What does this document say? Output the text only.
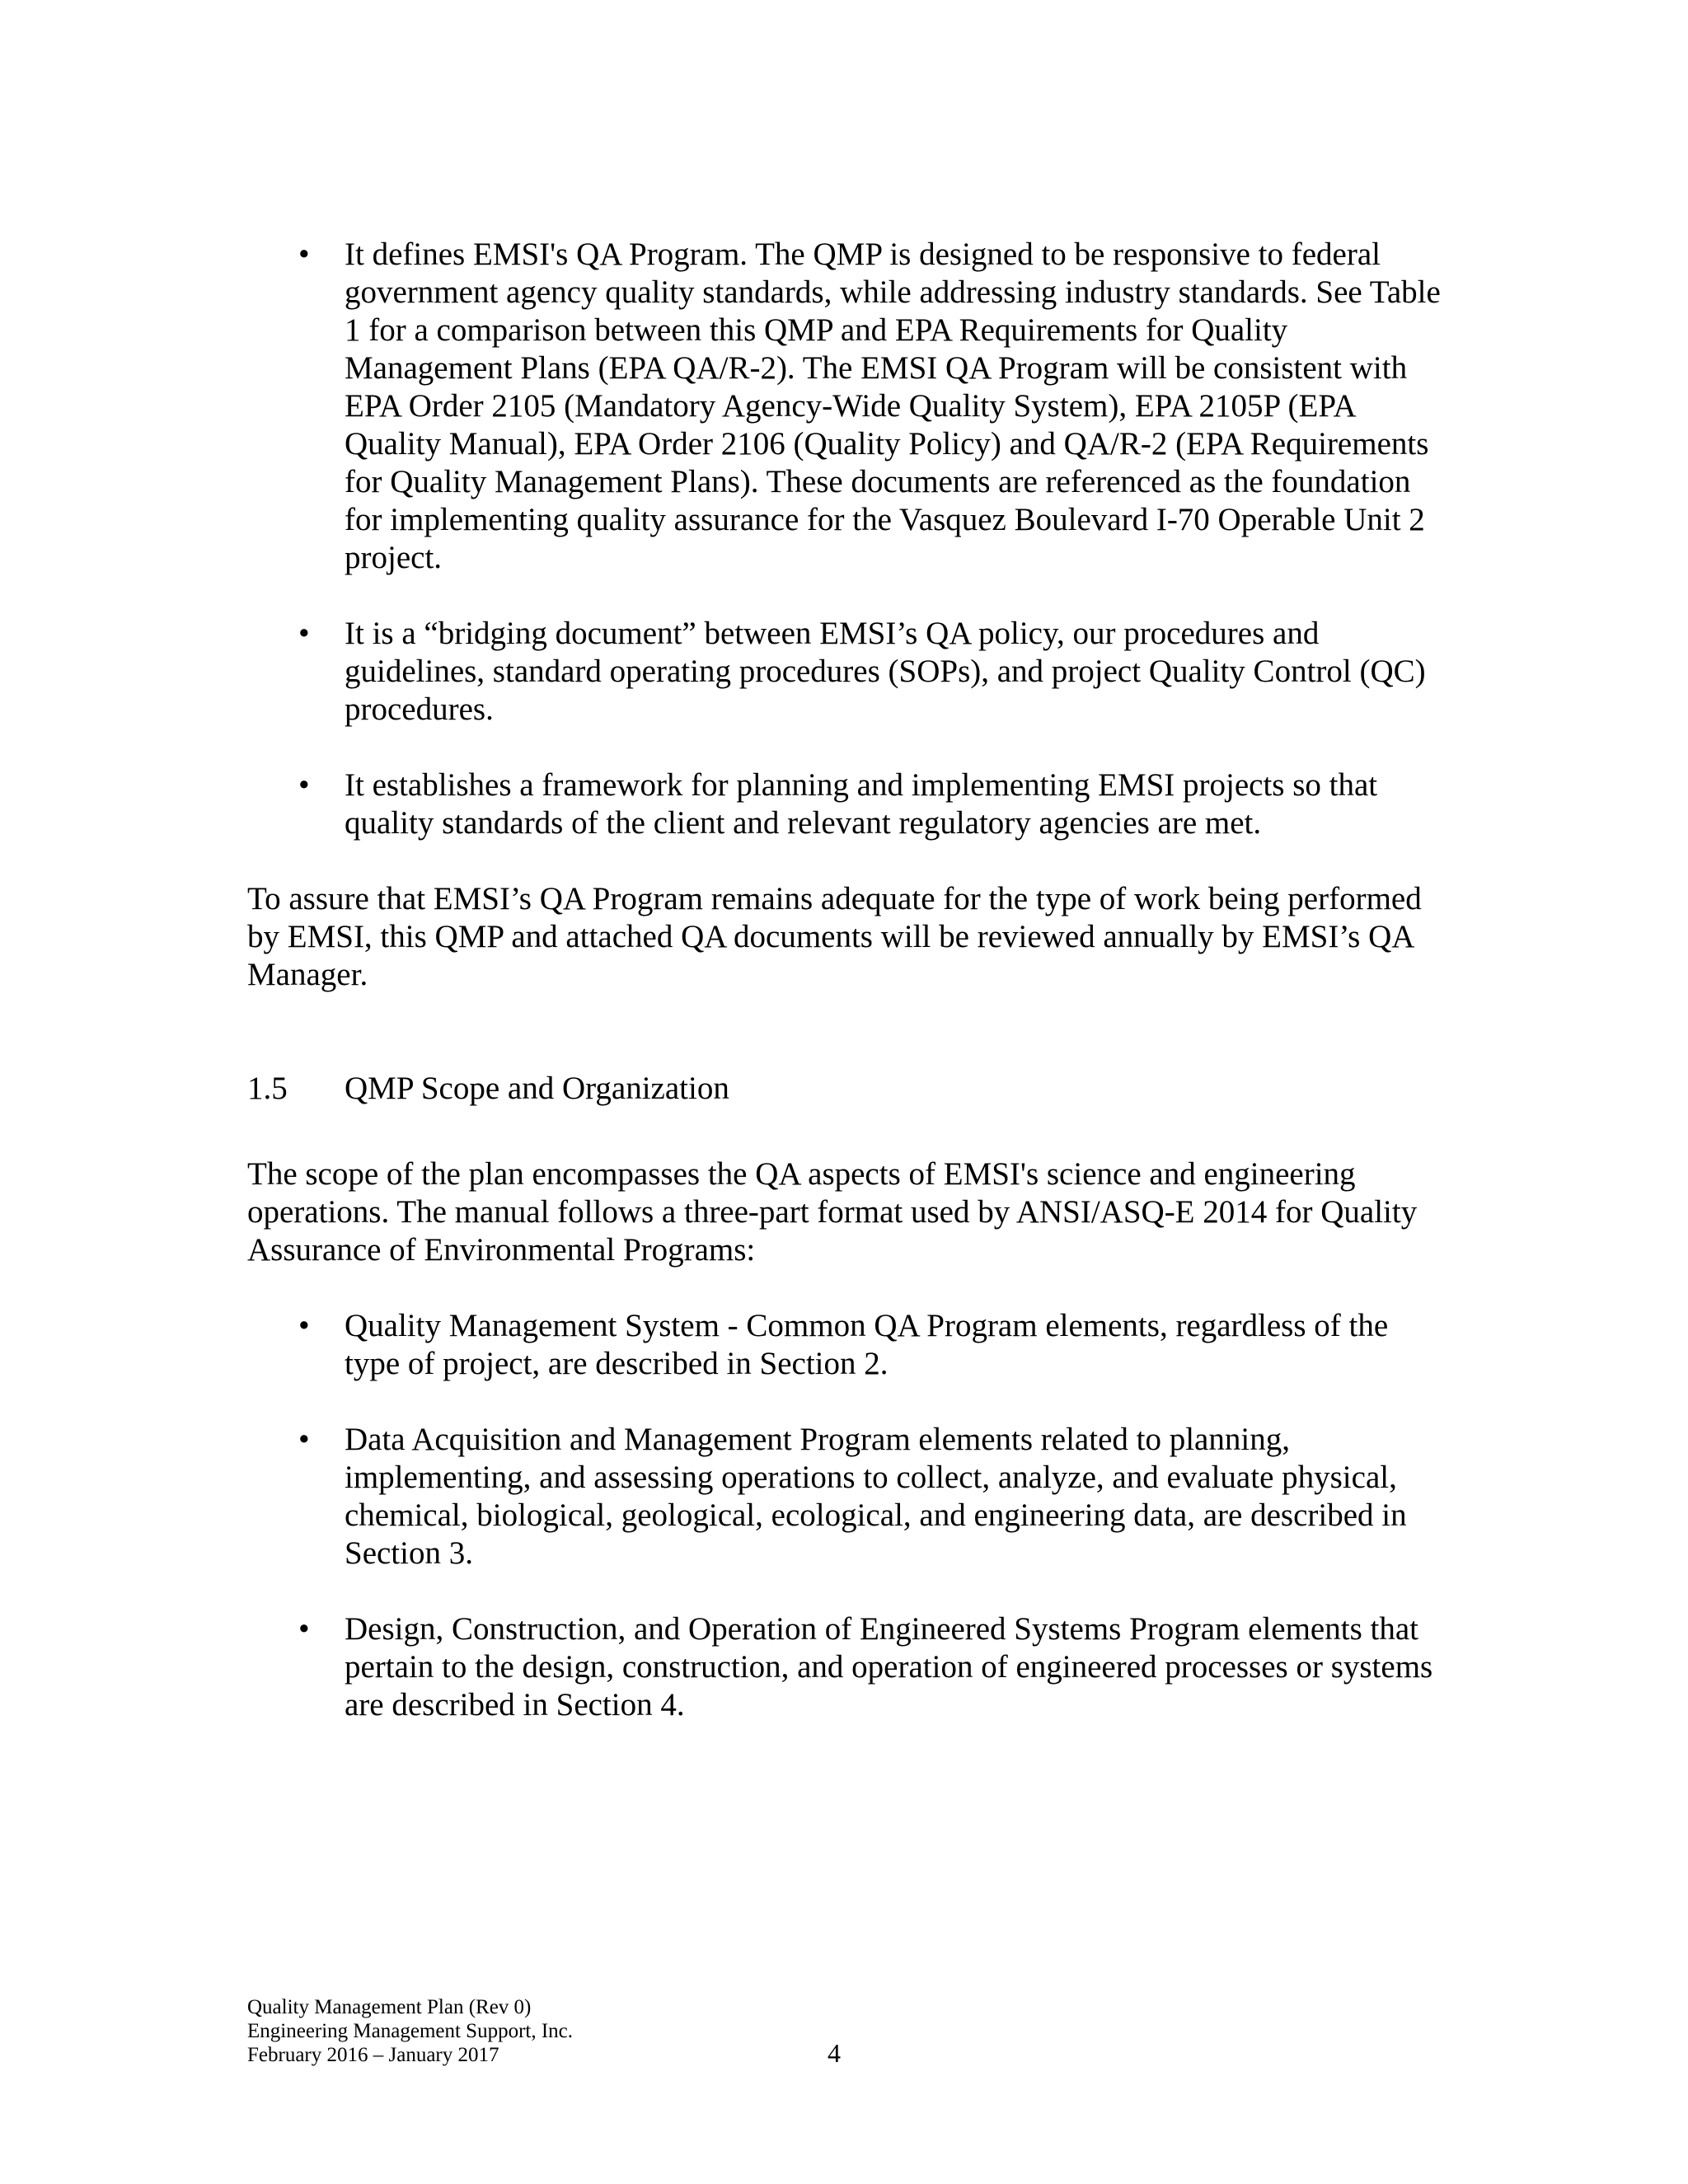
• It defines EMSI's QA Program. The QMP is designed to be responsive to federal government agency quality standards, while addressing industry standards. See Table 1 for a comparison between this QMP and EPA Requirements for Quality Management Plans (EPA QA/R-2). The EMSI QA Program will be consistent with EPA Order 2105 (Mandatory Agency-Wide Quality System), EPA 2105P (EPA Quality Manual), EPA Order 2106 (Quality Policy) and QA/R-2 (EPA Requirements for Quality Management Plans). These documents are referenced as the foundation for implementing quality assurance for the Vasquez Boulevard I-70 Operable Unit 2 project.
• It is a “bridging document” between EMSI’s QA policy, our procedures and guidelines, standard operating procedures (SOPs), and project Quality Control (QC) procedures.
• It establishes a framework for planning and implementing EMSI projects so that quality standards of the client and relevant regulatory agencies are met.

To assure that EMSI’s QA Program remains adequate for the type of work being performed by EMSI, this QMP and attached QA documents will be reviewed annually by EMSI’s QA Manager.

1.5	QMP Scope and Organization

The scope of the plan encompasses the QA aspects of EMSI's science and engineering operations. The manual follows a three-part format used by ANSI/ASQ-E 2014 for Quality Assurance of Environmental Programs:

• Quality Management System - Common QA Program elements, regardless of the type of project, are described in Section 2.
• Data Acquisition and Management Program elements related to planning, implementing, and assessing operations to collect, analyze, and evaluate physical, chemical, biological, geological, ecological, and engineering data, are described in Section 3.
• Design, Construction, and Operation of Engineered Systems Program elements that pertain to the design, construction, and operation of engineered processes or systems are described in Section 4.
Quality Management Plan (Rev 0)
Engineering Management Support, Inc.
February 2016 – January 2017	4
